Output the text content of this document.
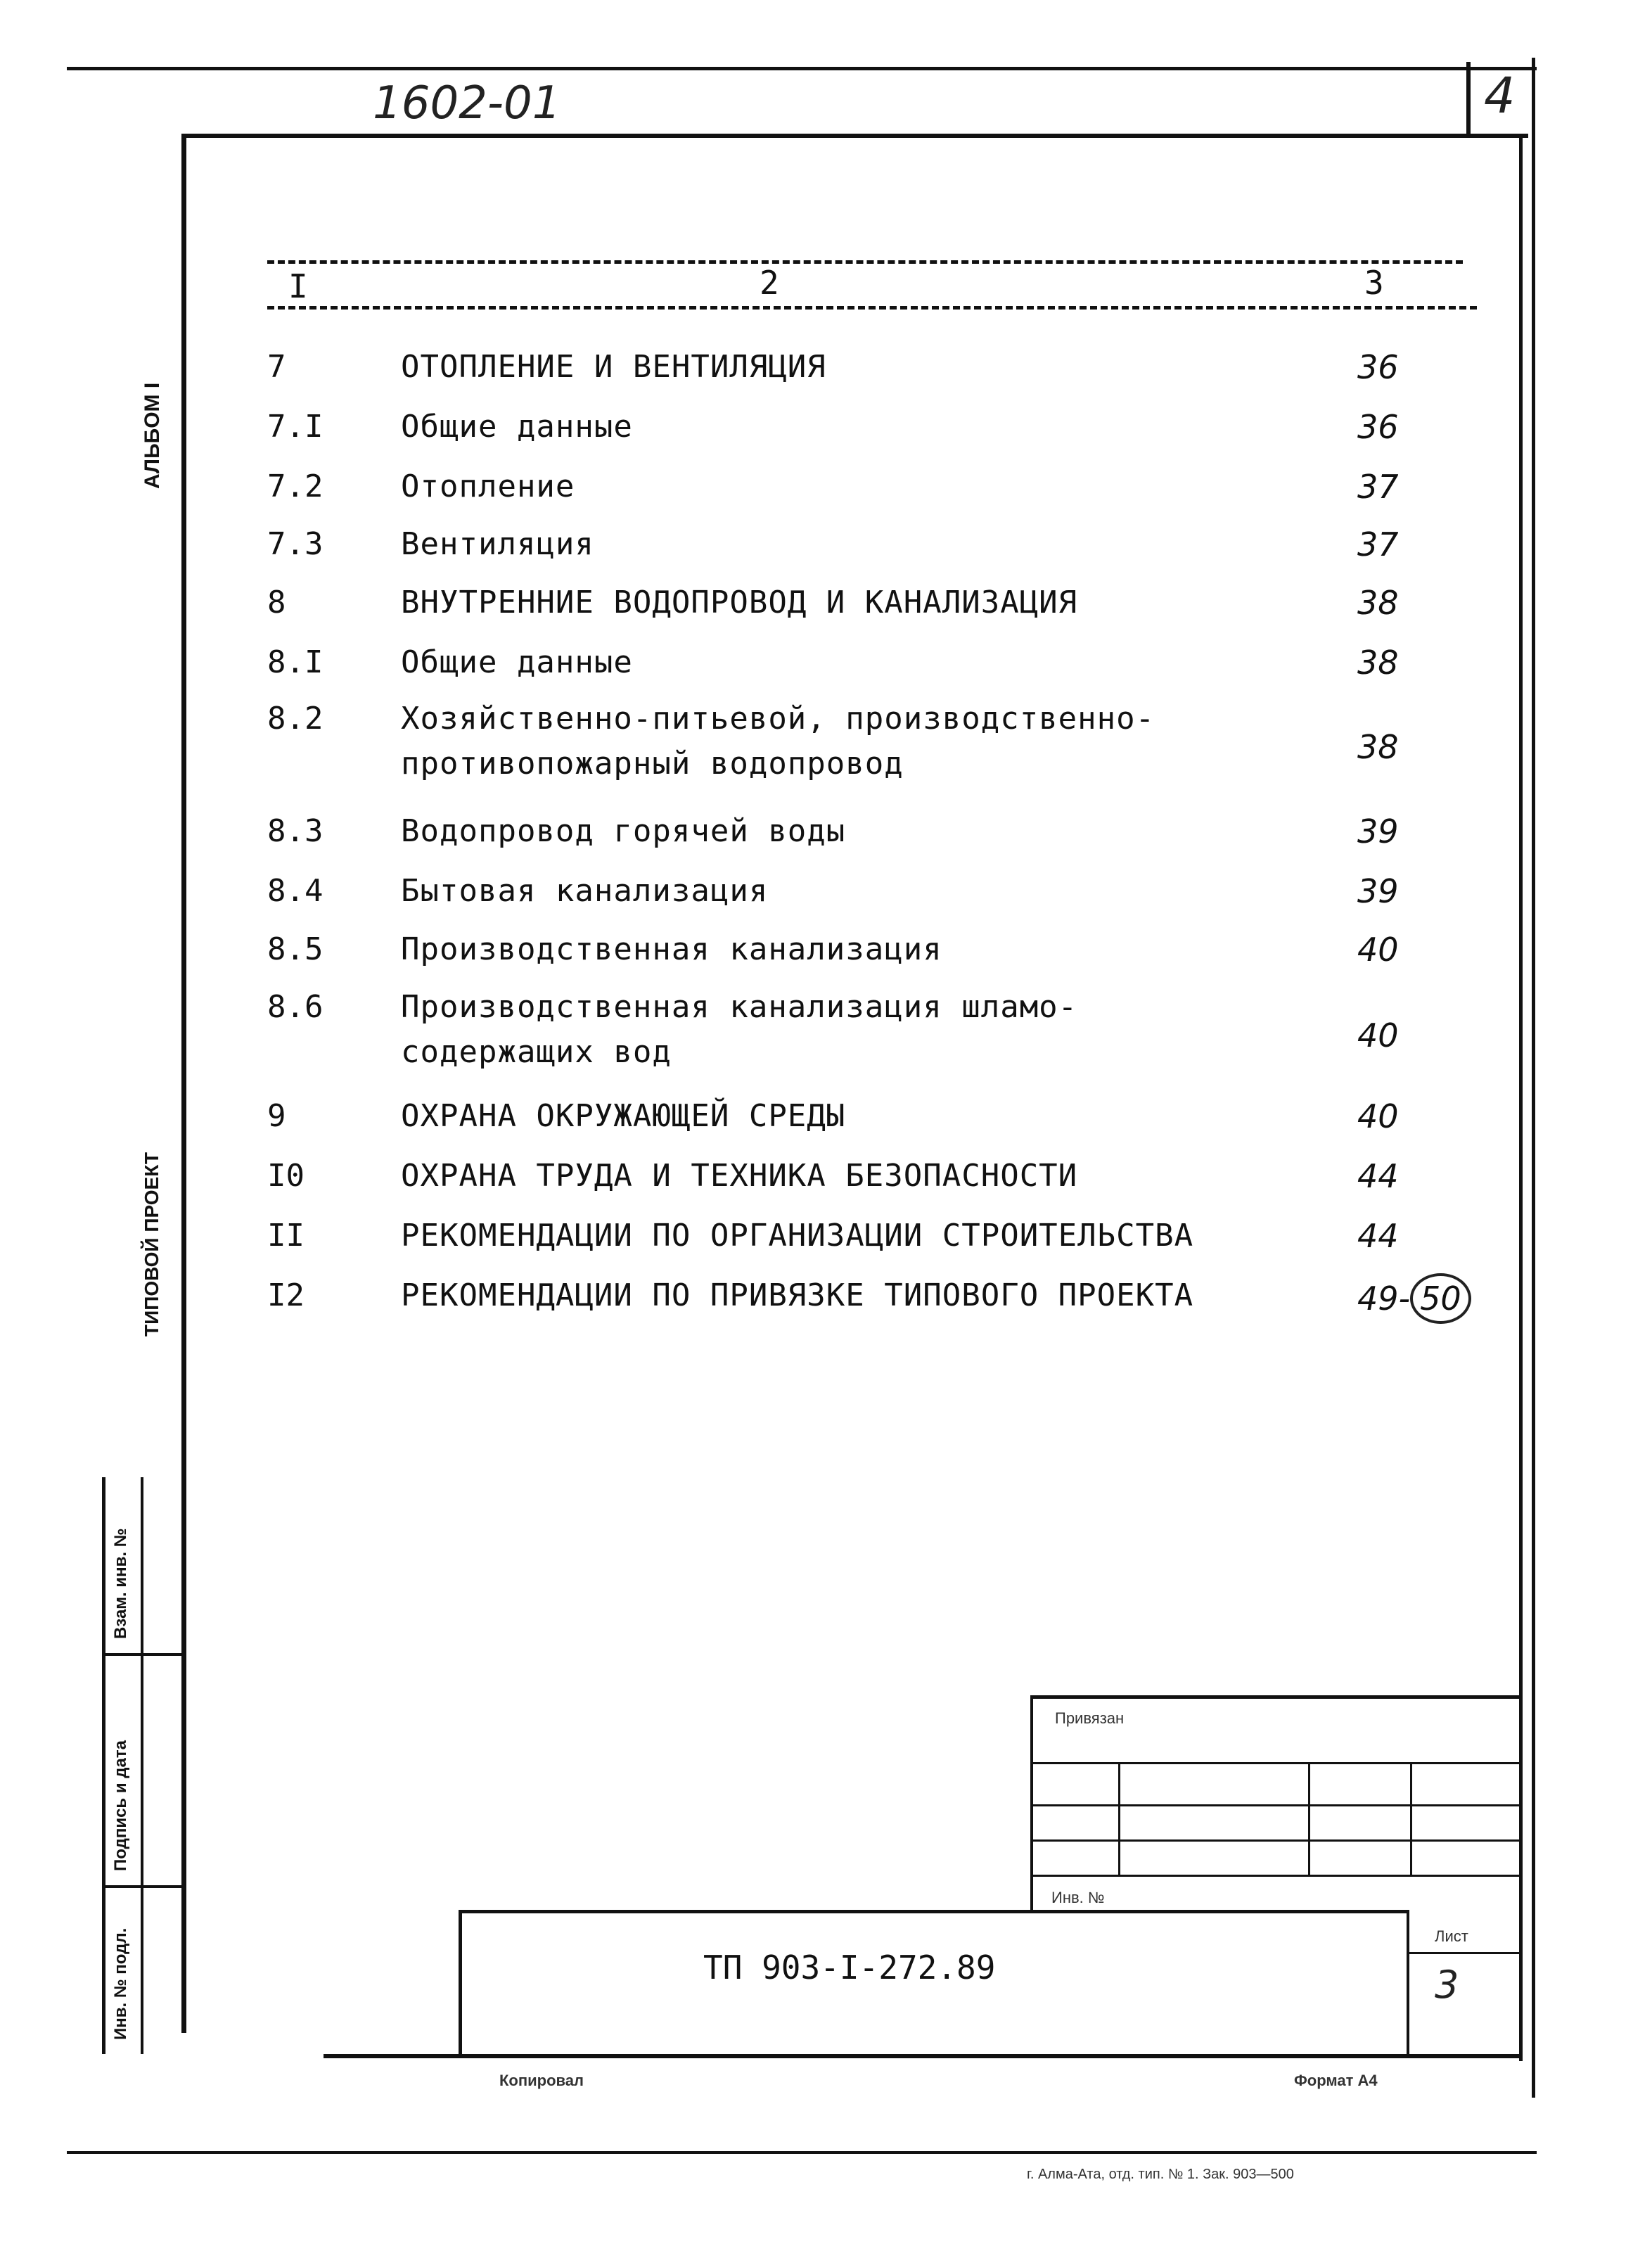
1602-01	4
АЛЬБОМ I
ТИПОВОЙ ПРОЕКТ
Взам. инв. №
Подпись и дата
Инв. № подл.
I	2	3
7	ОТОПЛЕНИЕ И ВЕНТИЛЯЦИЯ	36
7.I	Общие данные	36
7.2	Отопление	37
7.3	Вентиляция	37
8	ВНУТРЕННИЕ ВОДОПРОВОД И КАНАЛИЗАЦИЯ	38
8.I	Общие данные	38
8.2	Хозяйственно-питьевой, производственно-
противопожарный водопровод	38
8.3	Водопровод горячей воды	39
8.4	Бытовая канализация	39
8.5	Производственная канализация	40
8.6	Производственная канализация шламо-
содержащих вод	40
9	ОХРАНА ОКРУЖАЮЩЕЙ СРЕДЫ	40
I0	ОХРАНА ТРУДА И ТЕХНИКА БЕЗОПАСНОСТИ	44
II	РЕКОМЕНДАЦИИ ПО ОРГАНИЗАЦИИ СТРОИТЕЛЬСТВА	44
I2	РЕКОМЕНДАЦИИ ПО ПРИВЯЗКЕ ТИПОВОГО ПРОЕКТА	49- 50
Привязан
Инв. №
ТП 903-I-272.89
Лист
3
Копировал	Формат А4
г. Алма-Ата, отд. тип. № 1. Зак. 903—500
